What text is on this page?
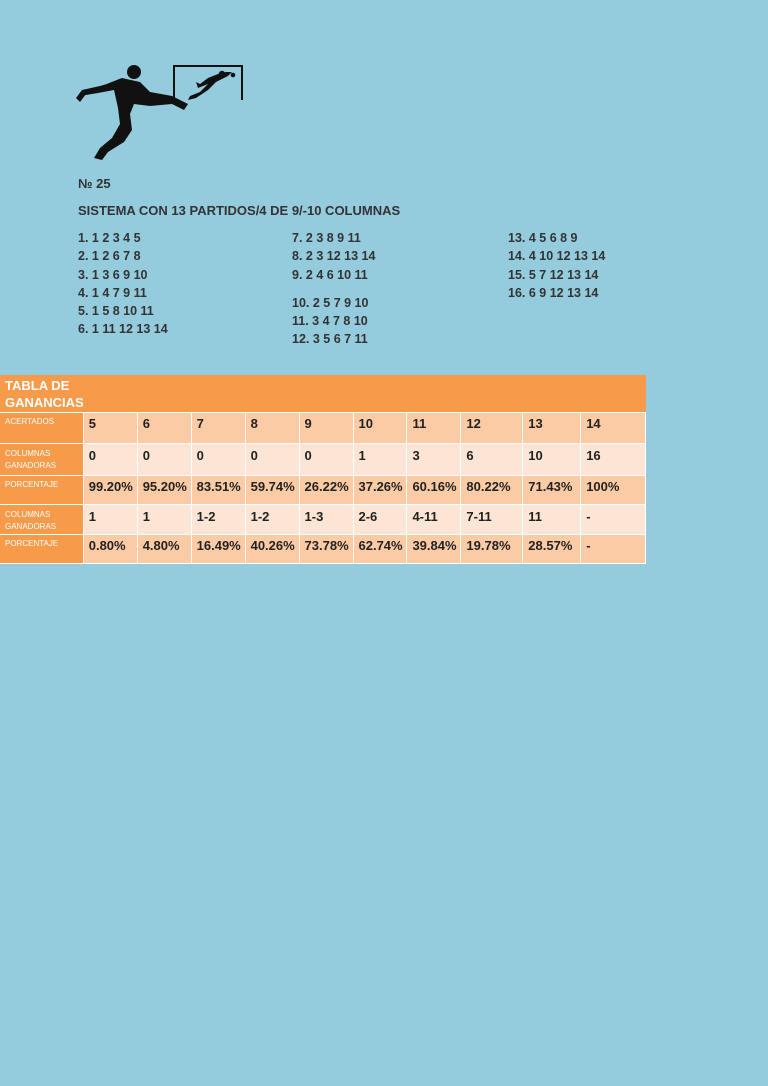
№ 25
SISTEMA CON 13 PARTIDOS/4 DE 9/-10 COLUMNAS
1. 1 2 3 4 5
2. 1 2 6 7 8
3. 1 3 6 9 10
4. 1 4 7 9 11
5. 1 5 8 10 11
6. 1 11 12 13 14
7. 2 3 8 9 11
8. 2 3 12 13 14
9. 2 4 6 10 11
10. 2 5 7 9 10
11. 3 4 7 8 10
12. 3 5 6 7 11
13. 4 5 6 8 9
14. 4 10 12 13 14
15. 5 7 12 13 14
16. 6 9 12 13 14
TABLA DE GANANCIAS										
ACERTADOS	5	6	7	8	9	10	11	12	13	14
COLUMNAS GANADORAS	0	0	0	0	0	1	3	6	10	16
PORCENTAJE	99.20%	95.20%	83.51%	59.74%	26.22%	37.26%	60.16%	80.22%	71.43%	100%
COLUMNAS GANADORAS	1	1	1-2	1-2	1-3	2-6	4-11	7-11	11	-
PORCENTAJE	0.80%	4.80%	16.49%	40.26%	73.78%	62.74%	39.84%	19.78%	28.57%	-
